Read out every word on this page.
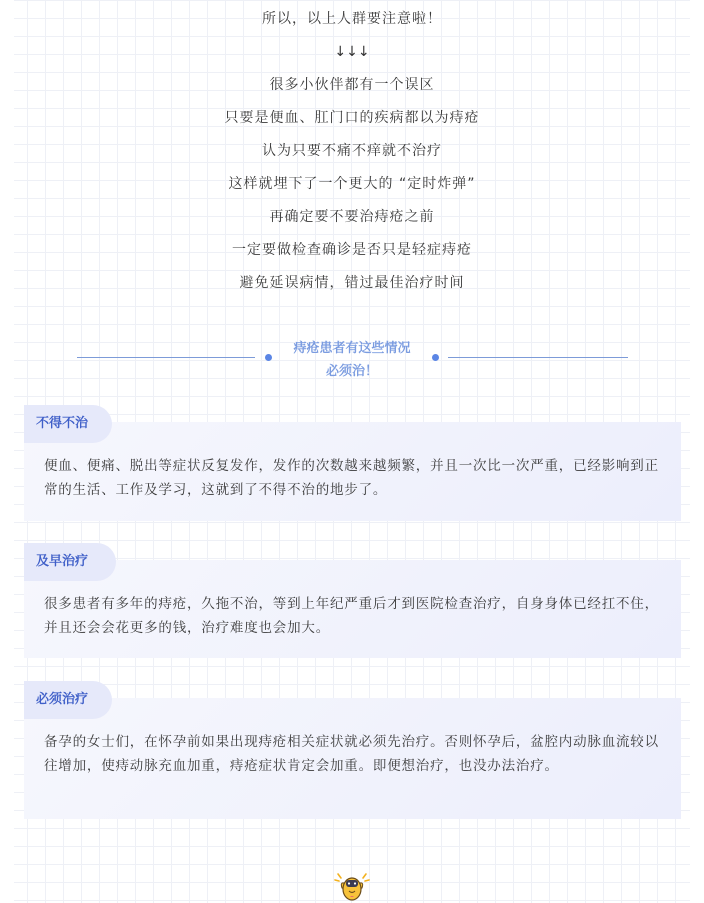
所以，以上人群要注意啦！
↓↓↓
很多小伙伴都有一个误区
只要是便血、肛门口的疾病都以为痔疮
认为只要不痛不痒就不治疗
这样就埋下了一个更大的 “定时炸弹”
再确定要不要治痔疮之前
一定要做检查确诊是否只是轻症痔疮
避免延误病情，错过最佳治疗时间
痔疮患者有这些情况
必须治！
不得不治
便血、便痛、脱出等症状反复发作，发作的次数越来越频繁，并且一次比一次严重，已经影响到正常的生活、工作及学习，这就到了不得不治的地步了。
及早治疗
很多患者有多年的痔疮，久拖不治，等到上年纪严重后才到医院检查治疗，自身身体已经扛不住，并且还会会花更多的钱，治疗难度也会加大。
必须治疗
备孕的女士们，在怀孕前如果出现痔疮相关症状就必须先治疗。否则怀孕后，盆腔内动脉血流较以往增加，使痔动脉充血加重，痔疮症状肯定会加重。即便想治疗，也没办法治疗。
